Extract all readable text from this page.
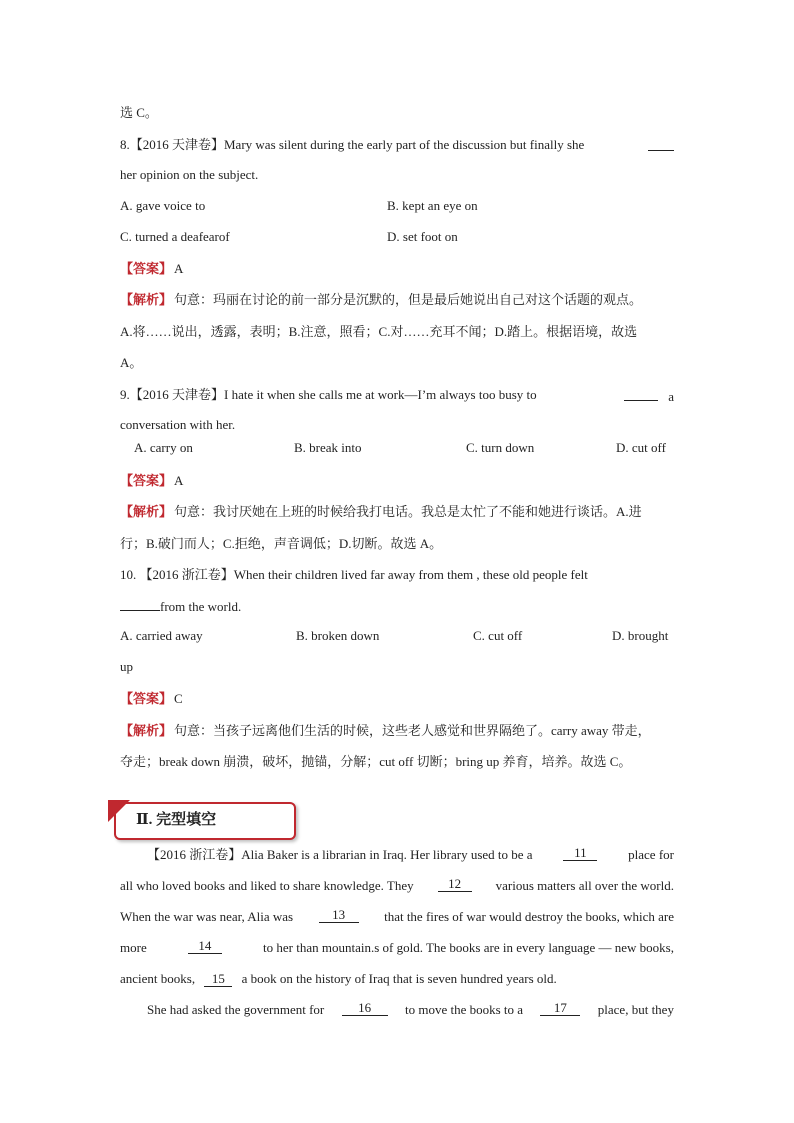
选 C。
8.【2016 天津卷】Mary was silent during the early part of the discussion but finally she
her opinion on the subject.
A. gave voice to	B. kept an eye on
C. turned a deafearof	D. set foot on
【答案】 A
【解析】 句意：玛丽在讨论的前一部分是沉默的，但是最后她说出自己对这个话题的观点。
A.将……说出，透露，表明；B.注意，照看；C.对……充耳不闻；D.踏上。根据语境，故选
A。
9.【2016 天津卷】I hate it when she calls me at work—I’m always too busy to	a
conversation with her.
A. carry on	B. break into	C. turn down	D. cut off
【答案】 A
【解析】 句意：我讨厌她在上班的时候给我打电话。我总是太忙了不能和她进行谈话。A.进
行；B.破门而人；C.拒绝，声音调低；D.切断。故选 A。
10. 【2016 浙江卷】When their children lived far away from them , these old people felt
from the world.
A. carried away	B. broken down	C. cut off	D. brought
up
【答案】 C
【解析】 句意：当孩子远离他们生活的时候，这些老人感觉和世界隔绝了。carry away 带走，
夺走；break down 崩溃，破坏，抛锚，分解；cut off 切断；bring up 养育，培养。故选 C。
【2016 浙江卷】Alia Baker is a librarian in Iraq. Her library used to be a	11	place for
all who loved books and liked to share knowledge. They	12	various matters all over the world.
When the war was near, Alia was	13	that the fires of war would destroy the books, which are
more	14	to her than mountain.s of gold. The books are in every language — new books,
ancient books, 15 a book on the history of Iraq that is seven hundred years old.
She had asked the government for	16	to move the books to a	17	place, but they
Ⅱ. 完型填空
